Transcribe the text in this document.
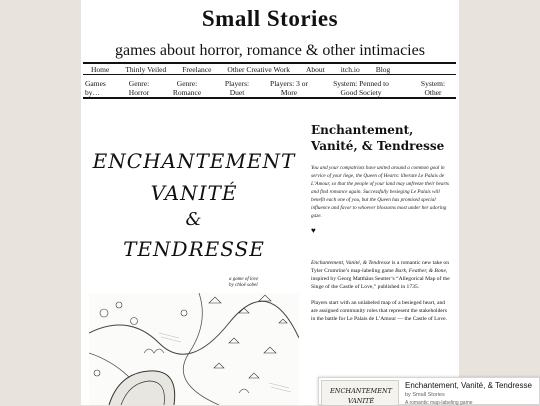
Small Stories
games about horror, romance & other intimacies
Home Thinly Veiled Freelance Other Creative Work About itch.io Blog
Games by…
Genre:
Horror
Genre:
Romance
Players:
Duet
Players: 3 or
More
System: Penned to
Good Society
System:
Other
ENCHANTEMENT
VANITÉ
&
TENDRESSE
a game of love
by chloë sobel
Enchantement, Vanité, & Tendresse

You and your compatriots have united around a common goal in service of your liege, the Queen of Hearts: liberate Le Palais de L’Amour, so that the people of your land may unfreeze their hearts and find romance again. Successfully besieging Le Palais will benefit each one of you, but the Queen has promised special influence and favor to whoever blossoms most under her adoring gaze.

♥

Enchantement, Vanité, & Tendresse is a romantic new take on Tyler Crumrine’s map-labeling game Bark, Feather, & Bone, inspired by Georg Matthäus Seutter’s “Allegorical Map of the Singe of the Castle of Love,” published in 1735.

Players start with an unlabeled map of a besieged heart, and are assigned community roles that represent the stakeholders in the battle for Le Palais de L’Amour — the Castle of Love.

ENCHANTEMENT
VANITÉ
Enchantement, Vanité, & Tendresse
by Small Stories
A romantic map-labeling game
